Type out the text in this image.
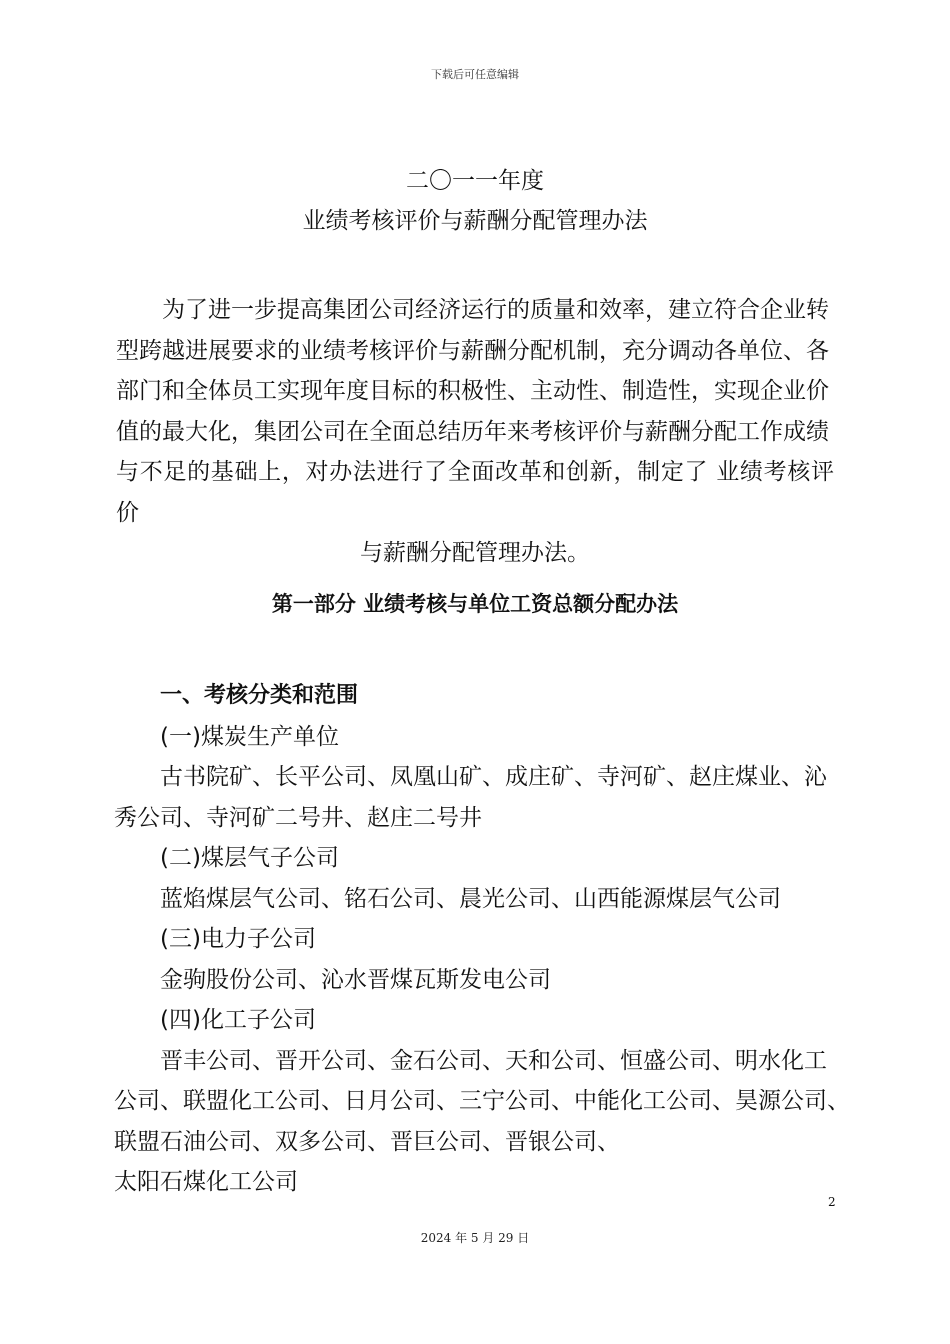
下载后可任意编辑
二〇一一年度
业绩考核评价与薪酬分配管理办法

为了进一步提高集团公司经济运行的质量和效率，建立符合企业转

型跨越进展要求的业绩考核评价与薪酬分配机制，充分调动各单位、各

部门和全体员工实现年度目标的积极性、主动性、制造性，实现企业价

值的最大化，集团公司在全面总结历年来考核评价与薪酬分配工作成绩

与不足的基础上，对办法进行了全面改革和创新，制定了 业绩考核评价

与薪酬分配管理办法。

第一部分 业绩考核与单位工资总额分配办法
一、考核分类和范围
(一)煤炭生产单位
古书院矿、长平公司、凤凰山矿、成庄矿、寺河矿、赵庄煤业、沁
秀公司、寺河矿二号井、赵庄二号井
(二)煤层气子公司
蓝焰煤层气公司、铭石公司、晨光公司、山西能源煤层气公司
(三)电力子公司
金驹股份公司、沁水晋煤瓦斯发电公司
(四)化工子公司
晋丰公司、晋开公司、金石公司、天和公司、恒盛公司、明水化工
公司、联盟化工公司、日月公司、三宁公司、中能化工公司、昊源公司、
联盟石油公司、双多公司、晋巨公司、晋银公司、
太阳石煤化工公司
2
2024 年 5 月 29 日
